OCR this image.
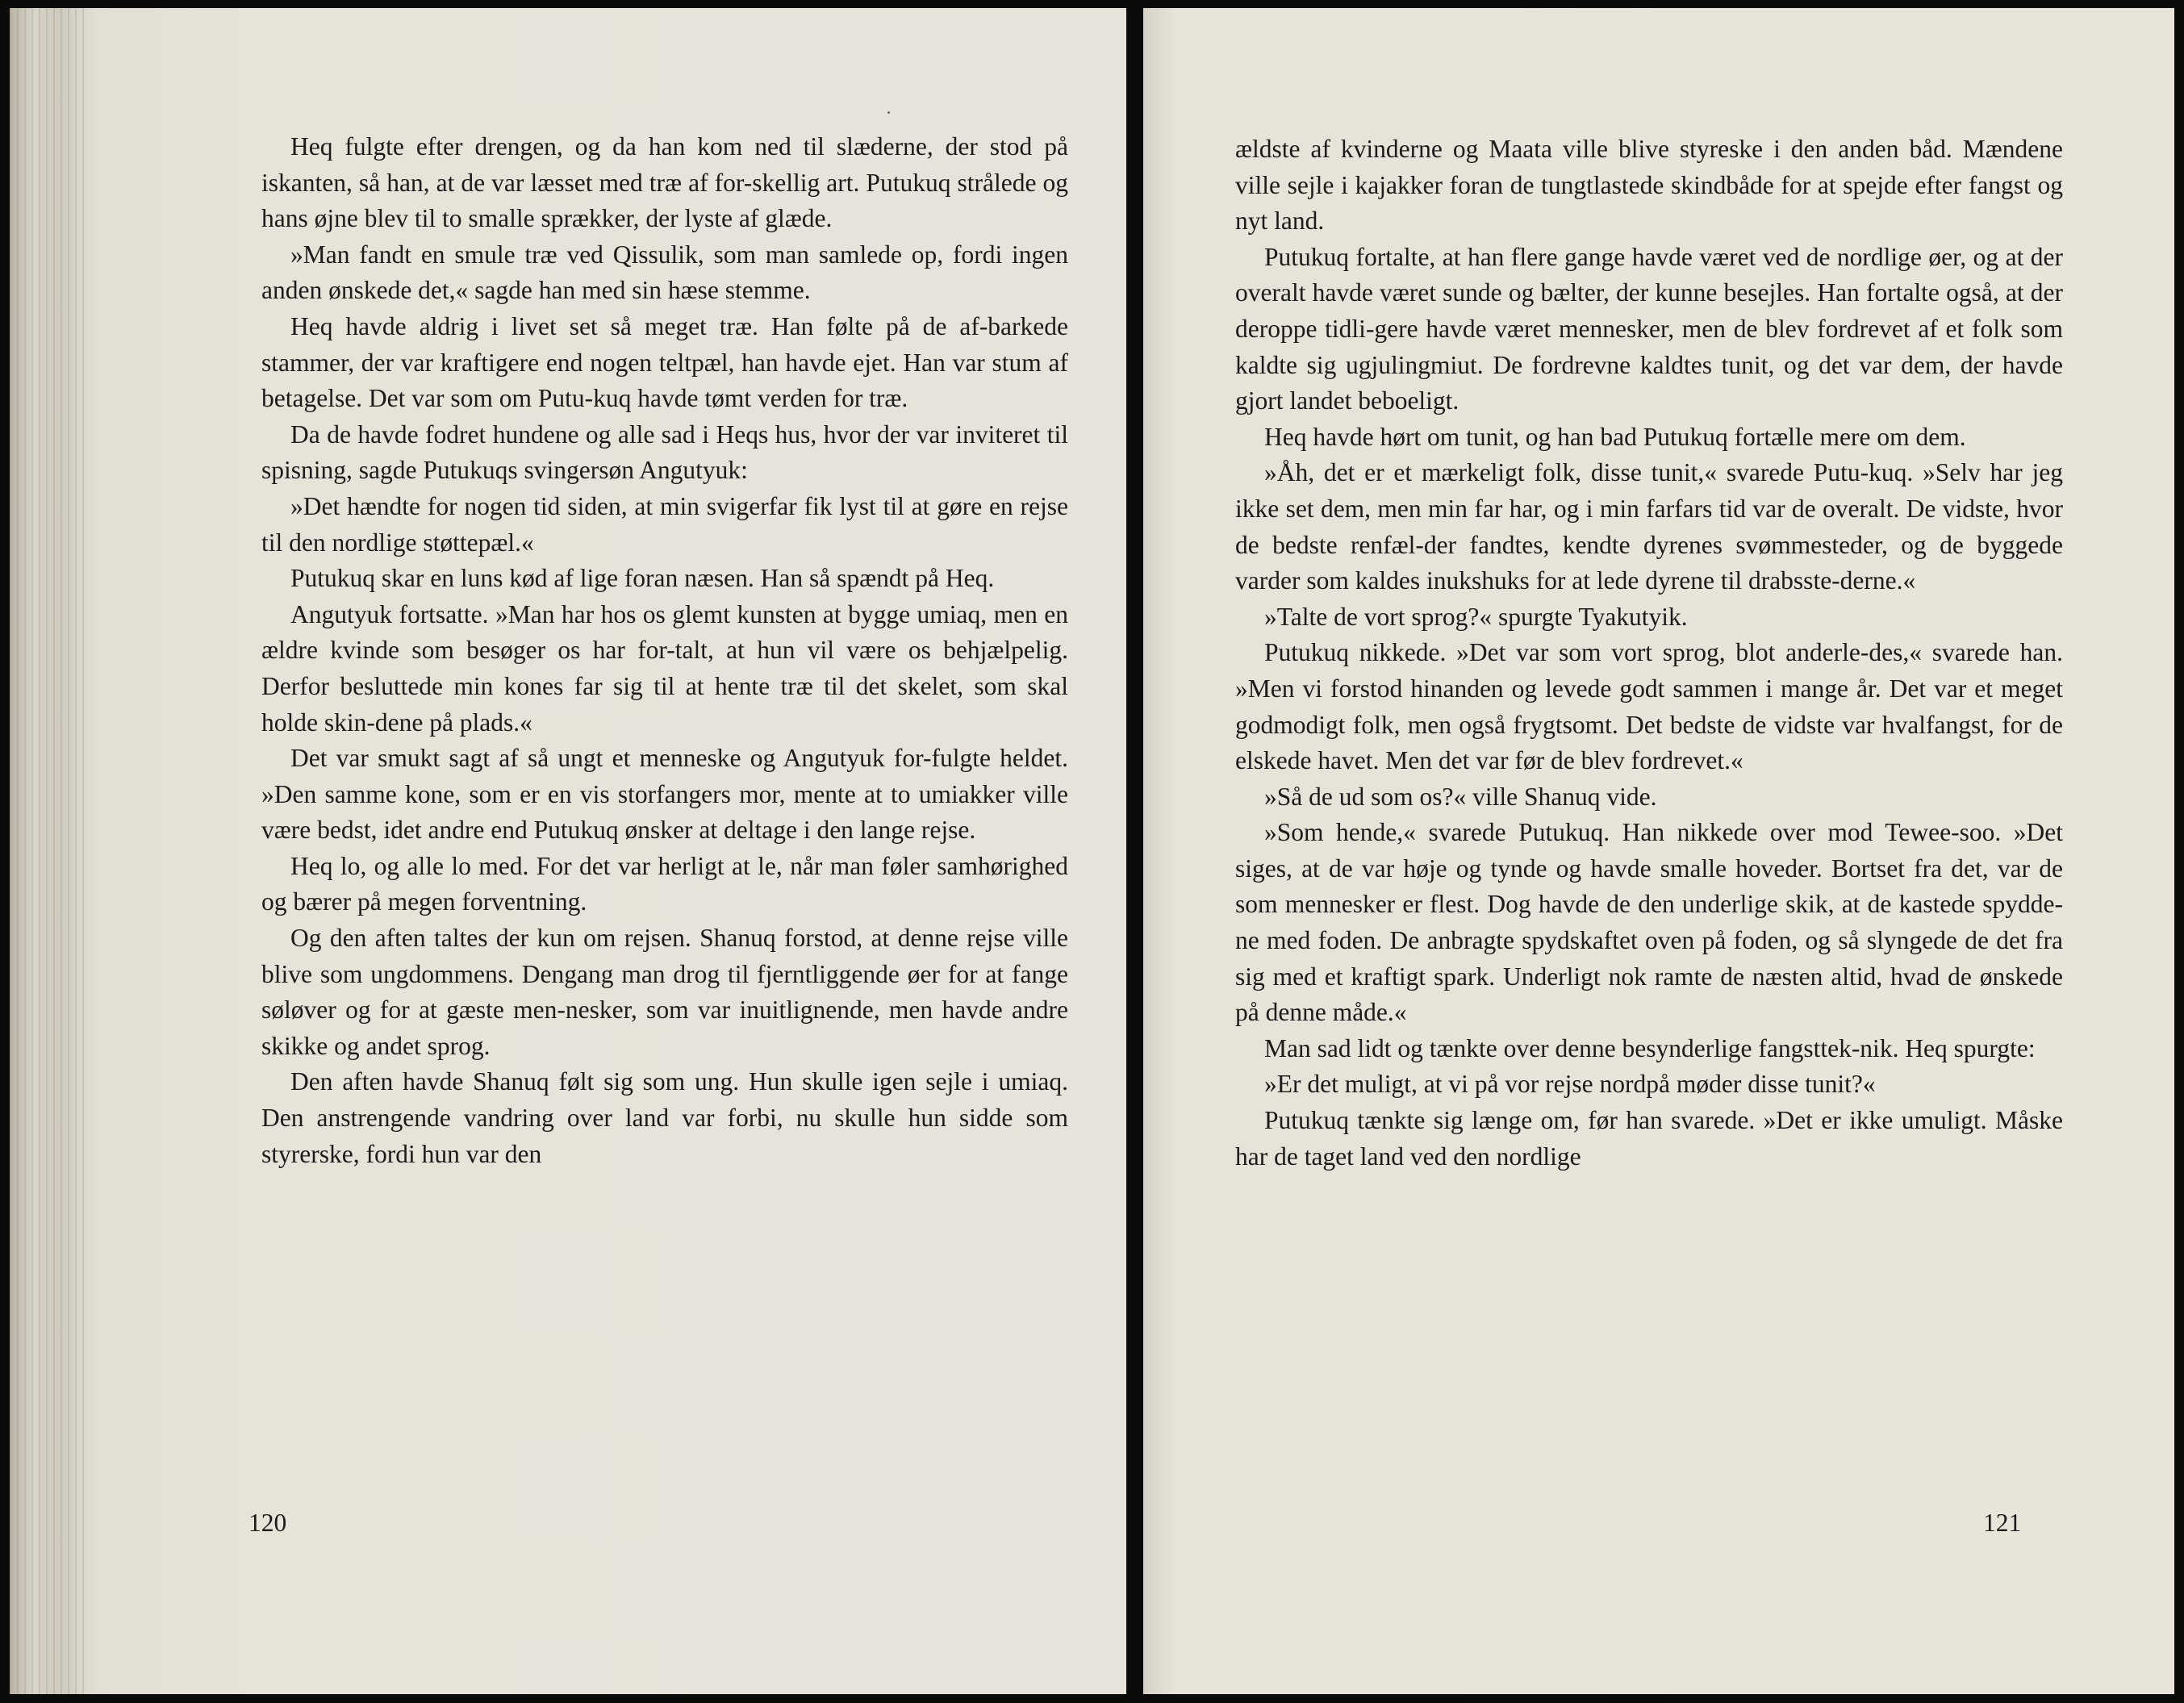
Heq fulgte efter drengen, og da han kom ned til slæderne, der stod på iskanten, så han, at de var læsset med træ af for-skellig art. Putukuq strålede og hans øjne blev til to smalle sprækker, der lyste af glæde.

»Man fandt en smule træ ved Qissulik, som man samlede op, fordi ingen anden ønskede det,« sagde han med sin hæse stemme.

Heq havde aldrig i livet set så meget træ. Han følte på de af-barkede stammer, der var kraftigere end nogen teltpæl, han havde ejet. Han var stum af betagelse. Det var som om Putu-kuq havde tømt verden for træ.

Da de havde fodret hundene og alle sad i Heqs hus, hvor der var inviteret til spisning, sagde Putukuqs svingersøn Angutyuk:

»Det hændte for nogen tid siden, at min svigerfar fik lyst til at gøre en rejse til den nordlige støttepæl.«

Putukuq skar en luns kød af lige foran næsen. Han så spændt på Heq.

Angutyuk fortsatte. »Man har hos os glemt kunsten at bygge umiaq, men en ældre kvinde som besøger os har for-talt, at hun vil være os behjælpelig. Derfor besluttede min kones far sig til at hente træ til det skelet, som skal holde skin-dene på plads.«

Det var smukt sagt af så ungt et menneske og Angutyuk for-fulgte heldet. »Den samme kone, som er en vis storfangers mor, mente at to umiakker ville være bedst, idet andre end Putukuq ønsker at deltage i den lange rejse.

Heq lo, og alle lo med. For det var herligt at le, når man føler samhørighed og bærer på megen forventning.

Og den aften taltes der kun om rejsen. Shanuq forstod, at denne rejse ville blive som ungdommens. Dengang man drog til fjerntliggende øer for at fange søløver og for at gæste men-nesker, som var inuitlignende, men havde andre skikke og andet sprog.

Den aften havde Shanuq følt sig som ung. Hun skulle igen sejle i umiaq. Den anstrengende vandring over land var forbi, nu skulle hun sidde som styrerske, fordi hun var den

120

ældste af kvinderne og Maata ville blive styreske i den anden båd. Mændene ville sejle i kajakker foran de tungtlastede skindbåde for at spejde efter fangst og nyt land.

Putukuq fortalte, at han flere gange havde været ved de nordlige øer, og at der overalt havde været sunde og bælter, der kunne besejles. Han fortalte også, at der deroppe tidli-gere havde været mennesker, men de blev fordrevet af et folk som kaldte sig ugjulingmiut. De fordrevne kaldtes tunit, og det var dem, der havde gjort landet beboeligt.

Heq havde hørt om tunit, og han bad Putukuq fortælle mere om dem.

»Åh, det er et mærkeligt folk, disse tunit,« svarede Putu-kuq. »Selv har jeg ikke set dem, men min far har, og i min farfars tid var de overalt. De vidste, hvor de bedste renfæl-der fandtes, kendte dyrenes svømmesteder, og de byggede varder som kaldes inukshuks for at lede dyrene til drabsste-derne.«

»Talte de vort sprog?« spurgte Tyakutyik.

Putukuq nikkede. »Det var som vort sprog, blot anderle-des,« svarede han. »Men vi forstod hinanden og levede godt sammen i mange år. Det var et meget godmodigt folk, men også frygtsomt. Det bedste de vidste var hvalfangst, for de elskede havet. Men det var før de blev fordrevet.«

»Så de ud som os?« ville Shanuq vide.

»Som hende,« svarede Putukuq. Han nikkede over mod Tewee-soo. »Det siges, at de var høje og tynde og havde smalle hoveder. Bortset fra det, var de som mennesker er flest. Dog havde de den underlige skik, at de kastede spydde-ne med foden. De anbragte spydskaftet oven på foden, og så slyngede de det fra sig med et kraftigt spark. Underligt nok ramte de næsten altid, hvad de ønskede på denne måde.«

Man sad lidt og tænkte over denne besynderlige fangsttek-nik. Heq spurgte:

»Er det muligt, at vi på vor rejse nordpå møder disse tunit?«

Putukuq tænkte sig længe om, før han svarede. »Det er ikke umuligt. Måske har de taget land ved den nordlige

121
